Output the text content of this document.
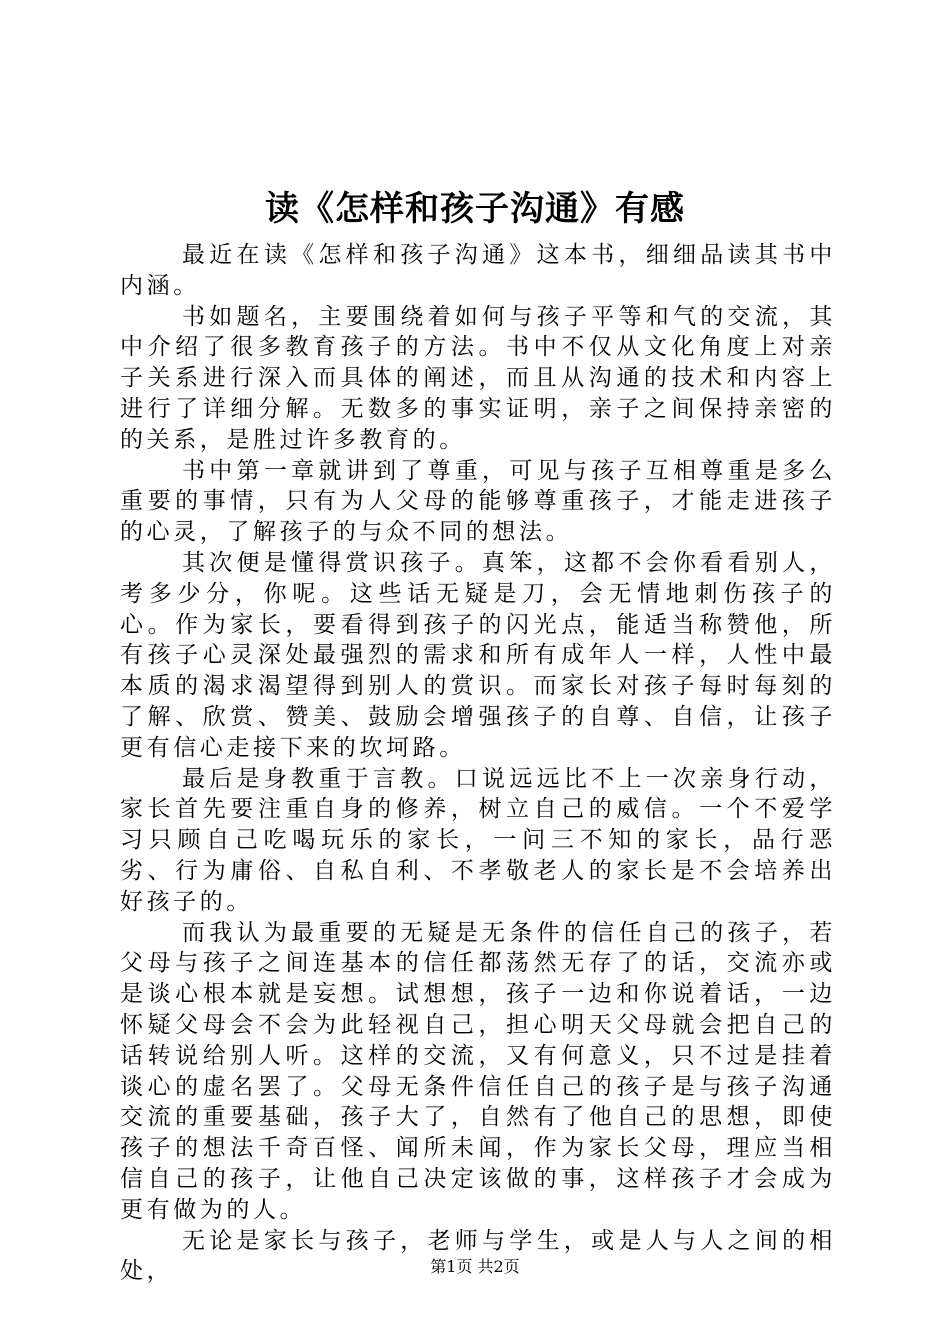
读《怎样和孩子沟通》有感

最近在读《怎样和孩子沟通》这本书，细细品读其书中内涵。

书如题名，主要围绕着如何与孩子平等和气的交流，其中介绍了很多教育孩子的方法。书中不仅从文化角度上对亲子关系进行深入而具体的阐述，而且从沟通的技术和内容上进行了详细分解。无数多的事实证明，亲子之间保持亲密的的关系，是胜过许多教育的。

书中第一章就讲到了尊重，可见与孩子互相尊重是多么重要的事情，只有为人父母的能够尊重孩子，才能走进孩子的心灵，了解孩子的与众不同的想法。

其次便是懂得赏识孩子。真笨，这都不会你看看别人，考多少分，你呢。这些话无疑是刀，会无情地刺伤孩子的心。作为家长，要看得到孩子的闪光点，能适当称赞他，所有孩子心灵深处最强烈的需求和所有成年人一样，人性中最本质的渴求渴望得到别人的赏识。而家长对孩子每时每刻的了解、欣赏、赞美、鼓励会增强孩子的自尊、自信，让孩子更有信心走接下来的坎坷路。

最后是身教重于言教。口说远远比不上一次亲身行动，家长首先要注重自身的修养，树立自己的威信。一个不爱学习只顾自己吃喝玩乐的家长，一问三不知的家长，品行恶劣、行为庸俗、自私自利、不孝敬老人的家长是不会培养出好孩子的。

而我认为最重要的无疑是无条件的信任自己的孩子，若父母与孩子之间连基本的信任都荡然无存了的话，交流亦或是谈心根本就是妄想。试想想，孩子一边和你说着话，一边怀疑父母会不会为此轻视自己，担心明天父母就会把自己的话转说给别人听。这样的交流，又有何意义，只不过是挂着谈心的虚名罢了。父母无条件信任自己的孩子是与孩子沟通交流的重要基础，孩子大了，自然有了他自己的思想，即使孩子的想法千奇百怪、闻所未闻，作为家长父母，理应当相信自己的孩子，让他自己决定该做的事，这样孩子才会成为更有做为的人。

无论是家长与孩子，老师与学生，或是人与人之间的相处，	第1页 共2页
